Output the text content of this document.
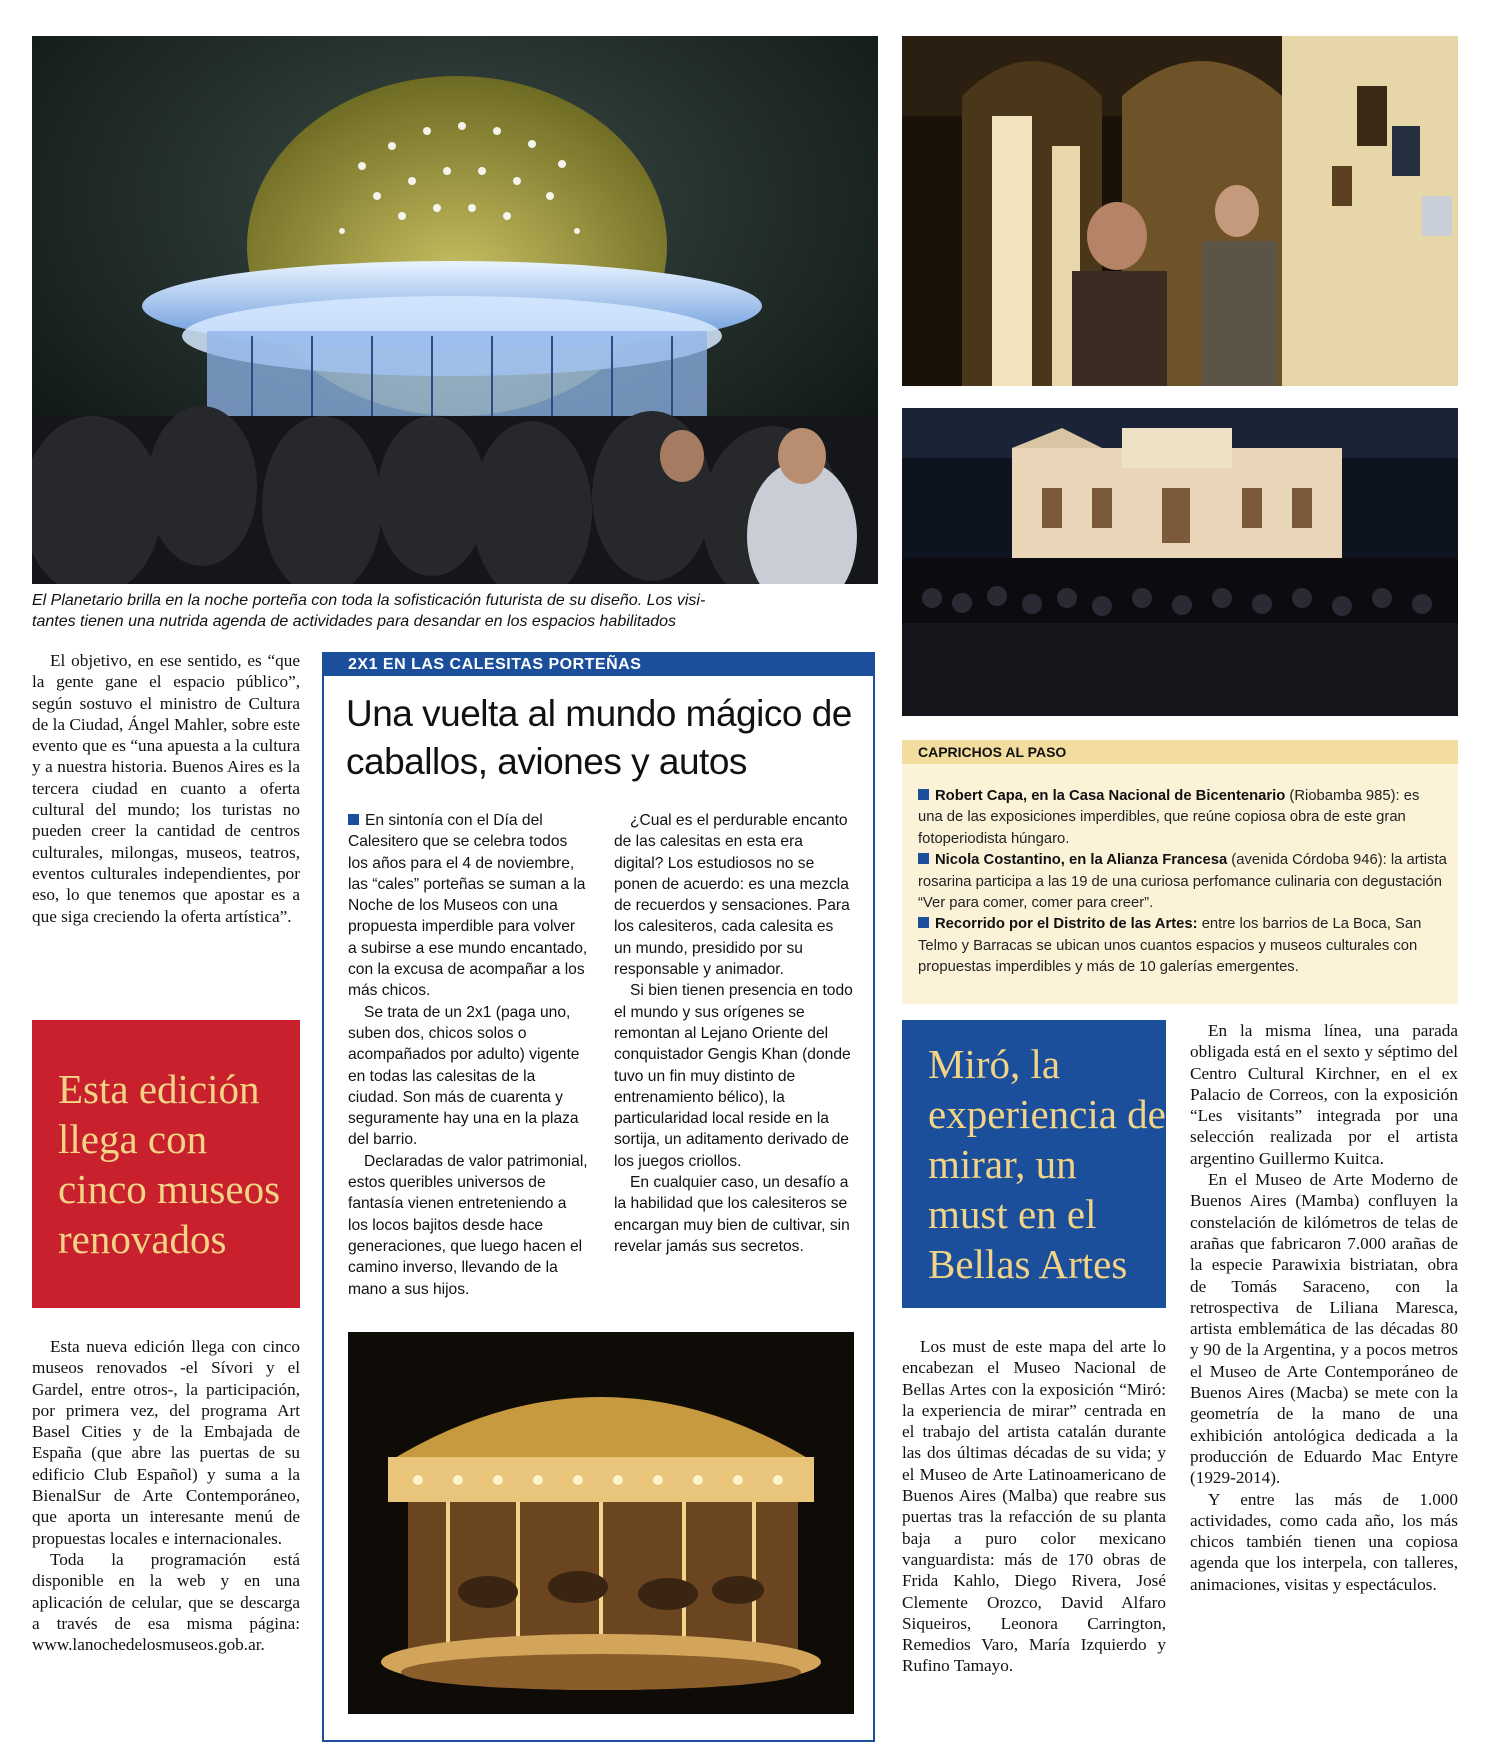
El Planetario brilla en la noche porteña con toda la sofisticación futurista de su diseño. Los visi-
tantes tienen una nutrida agenda de actividades para desandar en los espacios habilitados

El objetivo, en ese sentido, es “que la gente gane el espacio público”, según sostuvo el ministro de Cultura de la Ciudad, Ángel Mahler, sobre este evento que es “una apuesta a la cultura y a nuestra historia. Buenos Aires es la tercera ciudad en cuanto a oferta cultural del mundo; los turistas no pueden creer la cantidad de centros culturales, milongas, museos, teatros, eventos culturales independientes, por eso, lo que tenemos que apostar es a que siga creciendo la oferta artística”.

Esta edición llega con cinco museos renovados

Esta nueva edición llega con cinco museos renovados -el Sívori y el Gardel, entre otros-, la participación, por primera vez, del programa Art Basel Cities y de la Embajada de España (que abre las puertas de su edificio Club Español) y suma a la BienalSur de Arte Contemporáneo, que aporta un interesante menú de propuestas locales e internacionales.

Toda la programación está disponible en la web y en una aplicación de celular, que se descarga a través de esa misma página: www.lanochedelosmuseos.gob.ar.

2X1 EN LAS CALESITAS PORTEÑAS
Una vuelta al mundo mágico de caballos, aviones y autos

En sintonía con el Día del Calesitero que se celebra todos los años para el 4 de noviembre, las “cales” porteñas se suman a la Noche de los Museos con una propuesta imperdible para volver a subirse a ese mundo encantado, con la excusa de acompañar a los más chicos.

Se trata de un 2x1 (paga uno, suben dos, chicos solos o acompañados por adulto) vigente en todas las calesitas de la ciudad. Son más de cuarenta y seguramente hay una en la plaza del barrio.

Declaradas de valor patrimonial, estos queribles universos de fantasía vienen entreteniendo a los locos bajitos desde hace generaciones, que luego hacen el camino inverso, llevando de la mano a sus hijos.

¿Cual es el perdurable encanto de las calesitas en esta era digital? Los estudiosos no se ponen de acuerdo: es una mezcla de recuerdos y sensaciones. Para los calesiteros, cada calesita es un mundo, presidido por su responsable y animador.

Si bien tienen presencia en todo el mundo y sus orígenes se remontan al Lejano Oriente del conquistador Gengis Khan (donde tuvo un fin muy distinto de entrenamiento bélico), la particularidad local reside en la sortija, un aditamento derivado de los juegos criollos.

En cualquier caso, un desafío a la habilidad que los calesiteros se encargan muy bien de cultivar, sin revelar jamás sus secretos.

CAPRICHOS AL PASO

Robert Capa, en la Casa Nacional de Bicentenario (Riobamba 985): es una de las exposiciones imperdibles, que reúne copiosa obra de este gran fotoperiodista húngaro.

Nicola Costantino, en la Alianza Francesa (avenida Córdoba 946): la artista rosarina participa a las 19 de una curiosa perfomance culinaria con degustación “Ver para comer, comer para creer”.

Recorrido por el Distrito de las Artes: entre los barrios de La Boca, San Telmo y Barracas se ubican unos cuantos espacios y museos culturales con propuestas imperdibles y más de 10 galerías emergentes.

Miró, la experiencia de mirar, un must en el Bellas Artes

Los must de este mapa del arte lo encabezan el Museo Nacional de Bellas Artes con la exposición “Miró: la experiencia de mirar” centrada en el trabajo del artista catalán durante las dos últimas décadas de su vida; y el Museo de Arte Latinoamericano de Buenos Aires (Malba) que reabre sus puertas tras la refacción de su planta baja a puro color mexicano vanguardista: más de 170 obras de Frida Kahlo, Diego Rivera, José Clemente Orozco, David Alfaro Siqueiros, Leonora Carrington, Remedios Varo, María Izquierdo y Rufino Tamayo.

En la misma línea, una parada obligada está en el sexto y séptimo del Centro Cultural Kirchner, en el ex Palacio de Correos, con la exposición “Les visitants” integrada por una selección realizada por el artista argentino Guillermo Kuitca.

En el Museo de Arte Moderno de Buenos Aires (Mamba) confluyen la constelación de kilómetros de telas de arañas que fabricaron 7.000 arañas de la especie Parawixia bistriatan, obra de Tomás Saraceno, con la retrospectiva de Liliana Maresca, artista emblemática de las décadas 80 y 90 de la Argentina, y a pocos metros el Museo de Arte Contemporáneo de Buenos Aires (Macba) se mete con la geometría de la mano de una exhibición antológica dedicada a la producción de Eduardo Mac Entyre (1929-2014).

Y entre las más de 1.000 actividades, como cada año, los más chicos también tienen una copiosa agenda que los interpela, con talleres, animaciones, visitas y espectáculos.
